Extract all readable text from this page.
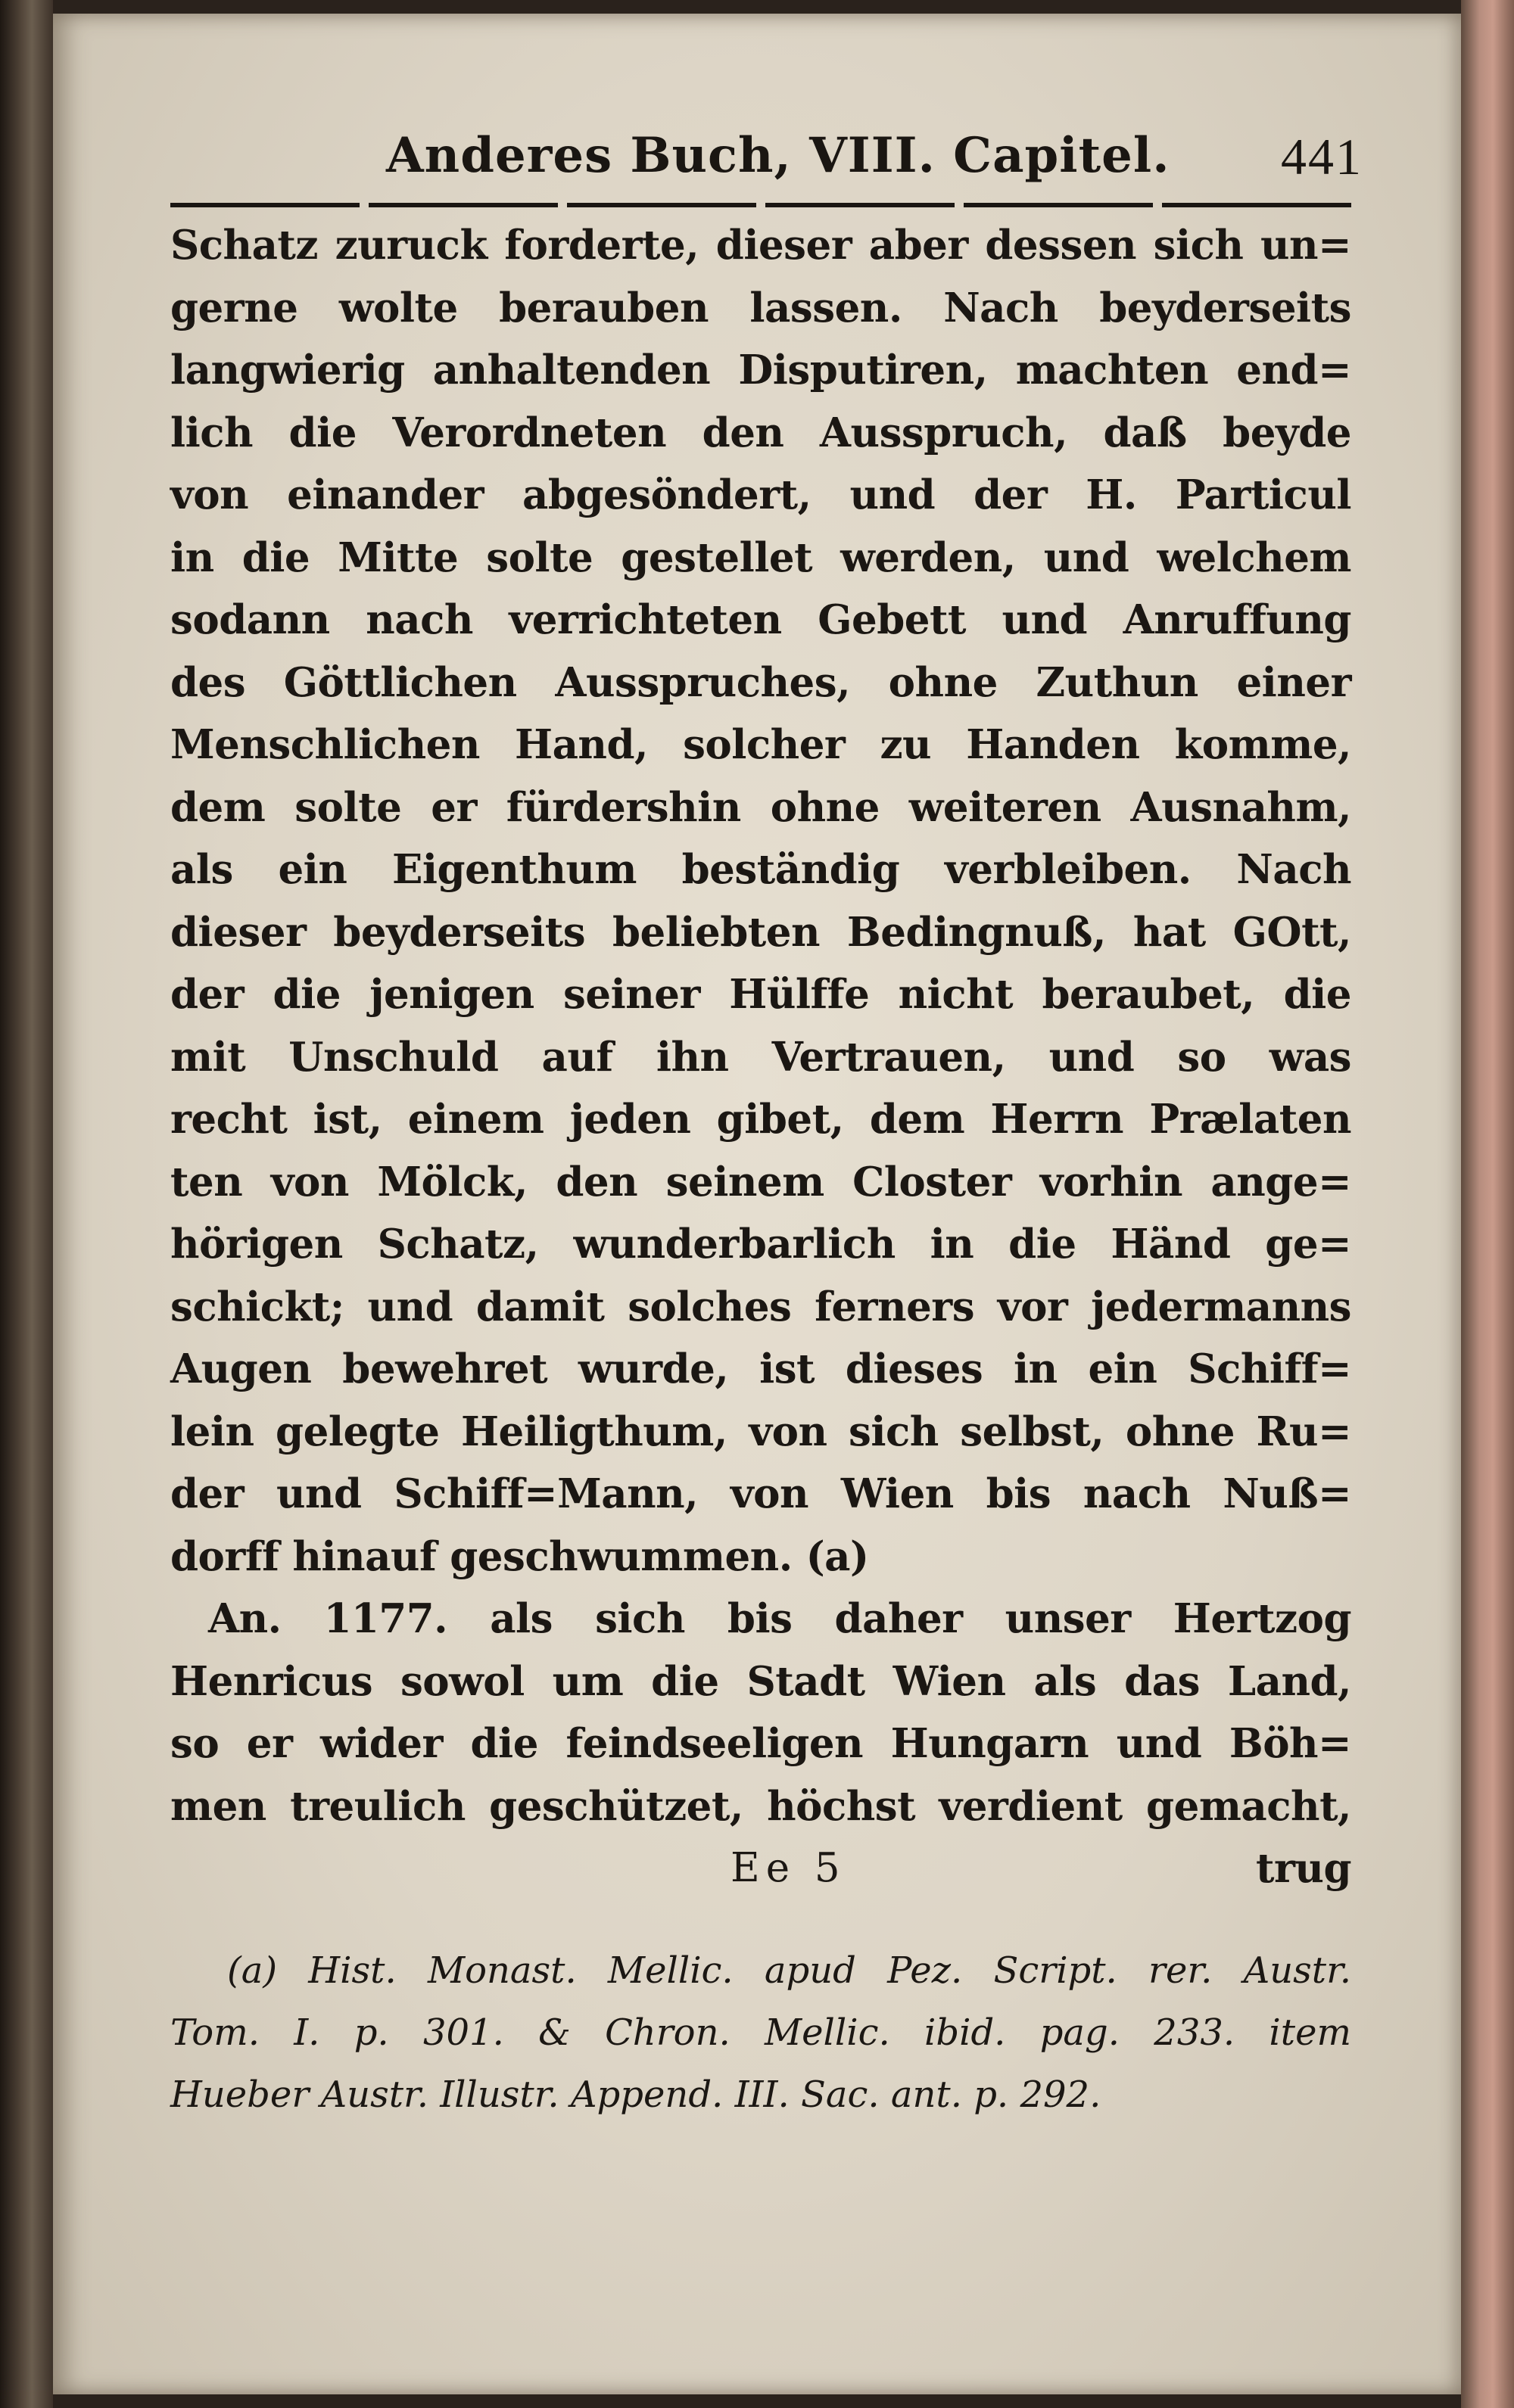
Anderes Buch, VIII. Capitel. 441
Schatz zuruck forderte, dieser aber dessen sich un=
gerne wolte berauben lassen. Nach beyderseits
langwierig anhaltenden Disputiren, machten end=
lich die Verordneten den Ausspruch, daß beyde
von einander abgesöndert, und der H. Particul
in die Mitte solte gestellet werden, und welchem
sodann nach verrichteten Gebett und Anruffung
des Göttlichen Ausspruches, ohne Zuthun einer
Menschlichen Hand, solcher zu Handen komme,
dem solte er fürdershin ohne weiteren Ausnahm,
als ein Eigenthum beständig verbleiben. Nach
dieser beyderseits beliebten Bedingnuß, hat GOtt,
der die jenigen seiner Hülffe nicht beraubet, die
mit Unschuld auf ihn Vertrauen, und so was
recht ist, einem jeden gibet, dem Herrn Prælaten
ten von Mölck, den seinem Closter vorhin ange=
hörigen Schatz, wunderbarlich in die Händ ge=
schickt; und damit solches ferners vor jedermanns
Augen bewehret wurde, ist dieses in ein Schiff=
lein gelegte Heiligthum, von sich selbst, ohne Ru=
der und Schiff=Mann, von Wien bis nach Nuß=
dorff hinauf geschwummen. (a)
An. 1177. als sich bis daher unser Hertzog
Henricus sowol um die Stadt Wien als das Land,
so er wider die feindseeligen Hungarn und Böh=
men treulich geschützet, höchst verdient gemacht,
Ee 5	trug
(a) Hist. Monast. Mellic. apud Pez. Script. rer. Austr.
Tom. I. p. 301. & Chron. Mellic. ibid. pag. 233. item
Hueber Austr. Illustr. Append. III. Sac. ant. p. 292.
